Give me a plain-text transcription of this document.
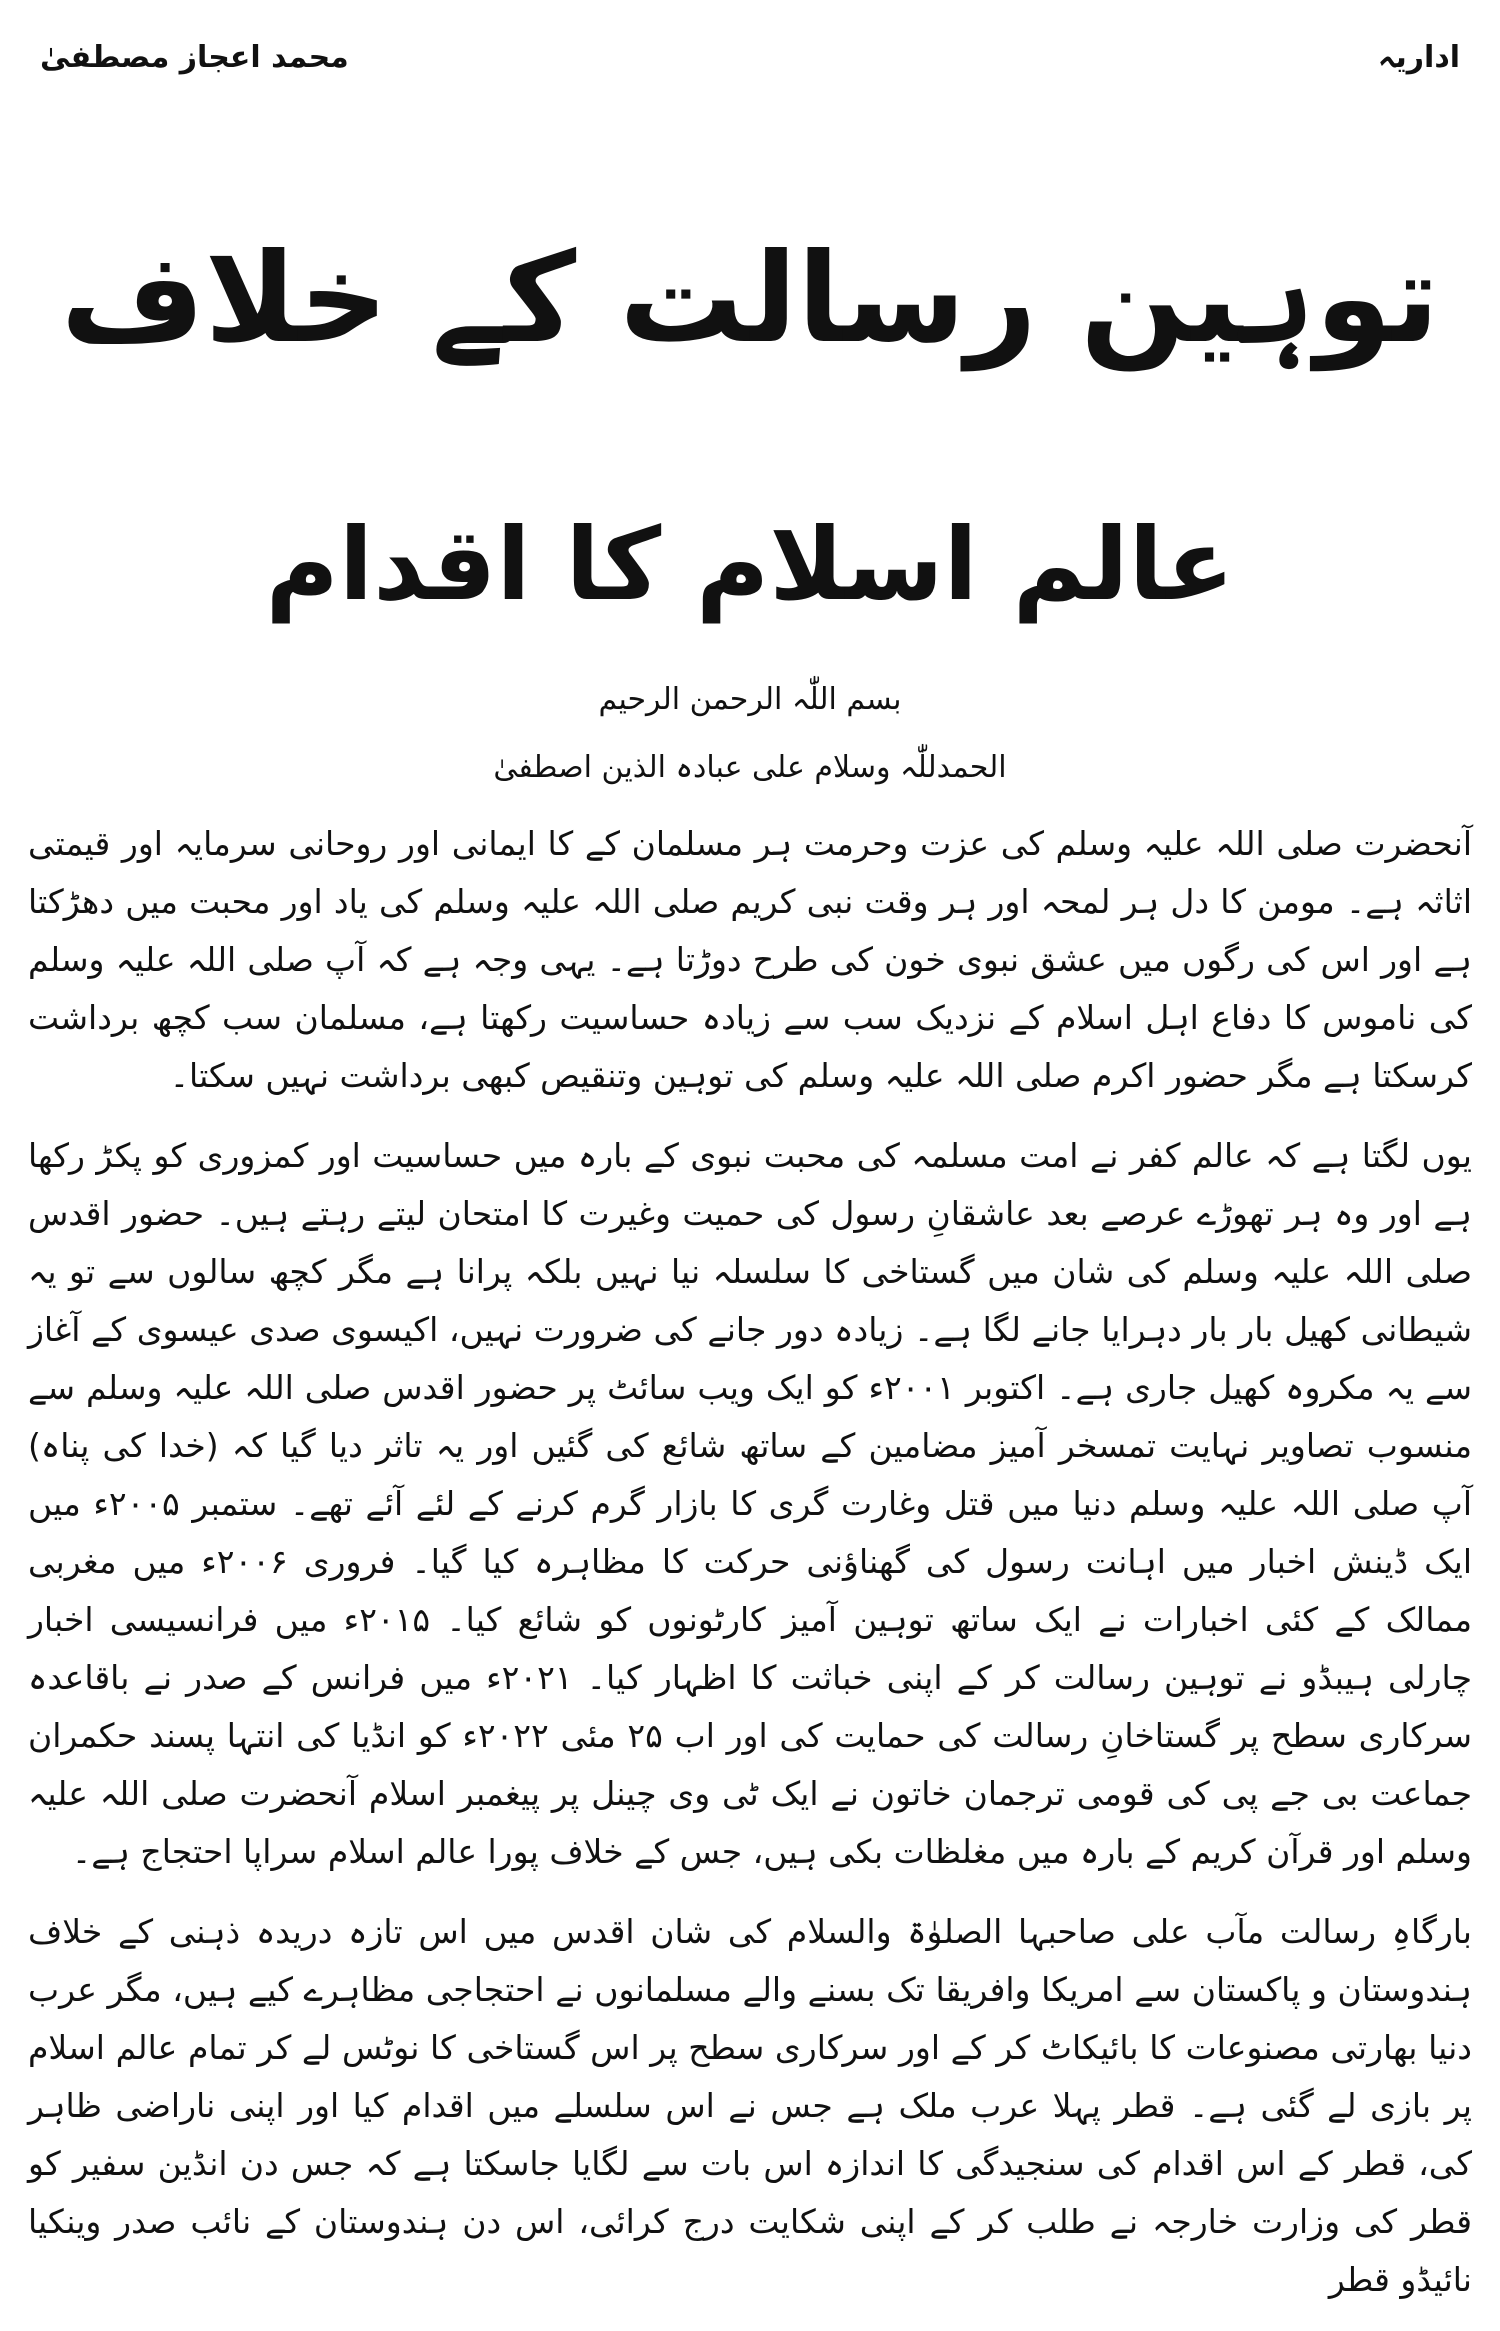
محمد اعجاز مصطفیٰ	اداریہ
توہین رسالت کے خلاف
عالم اسلام کا اقدام
بسم اللّٰہ الرحمن الرحیم
الحمدللّٰہ وسلام علی عبادہ الذین اصطفیٰ

آنحضرت صلی اللہ علیہ وسلم کی عزت وحرمت ہر مسلمان کے کا ایمانی اور روحانی سرمایہ اور قیمتی اثاثہ ہے۔ مومن کا دل ہر لمحہ اور ہر وقت نبی کریم صلی اللہ علیہ وسلم کی یاد اور محبت میں دھڑکتا ہے اور اس کی رگوں میں عشق نبوی خون کی طرح دوڑتا ہے۔ یہی وجہ ہے کہ آپ صلی اللہ علیہ وسلم کی ناموس کا دفاع اہل اسلام کے نزدیک سب سے زیادہ حساسیت رکھتا ہے، مسلمان سب کچھ برداشت کرسکتا ہے مگر حضور اکرم صلی اللہ علیہ وسلم کی توہین وتنقیص کبھی برداشت نہیں سکتا۔

یوں لگتا ہے کہ عالم کفر نے امت مسلمہ کی محبت نبوی کے بارہ میں حساسیت اور کمزوری کو پکڑ رکھا ہے اور وہ ہر تھوڑے عرصے بعد عاشقانِ رسول کی حمیت وغیرت کا امتحان لیتے رہتے ہیں۔ حضور اقدس صلی اللہ علیہ وسلم کی شان میں گستاخی کا سلسلہ نیا نہیں بلکہ پرانا ہے مگر کچھ سالوں سے تو یہ شیطانی کھیل بار بار دہرایا جانے لگا ہے۔ زیادہ دور جانے کی ضرورت نہیں، اکیسوی صدی عیسوی کے آغاز سے یہ مکروہ کھیل جاری ہے۔ اکتوبر ۲۰۰۱ء کو ایک ویب سائٹ پر حضور اقدس صلی اللہ علیہ وسلم سے منسوب تصاویر نہایت تمسخر آمیز مضامین کے ساتھ شائع کی گئیں اور یہ تاثر دیا گیا کہ (خدا کی پناہ) آپ صلی اللہ علیہ وسلم دنیا میں قتل وغارت گری کا بازار گرم کرنے کے لئے آئے تھے۔ ستمبر ۲۰۰۵ء میں ایک ڈینش اخبار میں اہانت رسول کی گھناؤنی حرکت کا مظاہرہ کیا گیا۔ فروری ۲۰۰۶ء میں مغربی ممالک کے کئی اخبارات نے ایک ساتھ توہین آمیز کارٹونوں کو شائع کیا۔ ۲۰۱۵ء میں فرانسیسی اخبار چارلی ہیبڈو نے توہین رسالت کر کے اپنی خباثت کا اظہار کیا۔ ۲۰۲۱ء میں فرانس کے صدر نے باقاعدہ سرکاری سطح پر گستاخانِ رسالت کی حمایت کی اور اب ۲۵ مئی ۲۰۲۲ء کو انڈیا کی انتہا پسند حکمران جماعت بی جے پی کی قومی ترجمان خاتون نے ایک ٹی وی چینل پر پیغمبر اسلام آنحضرت صلی اللہ علیہ وسلم اور قرآن کریم کے بارہ میں مغلظات بکی ہیں، جس کے خلاف پورا عالم اسلام سراپا احتجاج ہے۔

بارگاہِ رسالت مآب علی صاحبہا الصلوٰۃ والسلام کی شان اقدس میں اس تازہ دریدہ ذہنی کے خلاف ہندوستان و پاکستان سے امریکا وافریقا تک بسنے والے مسلمانوں نے احتجاجی مظاہرے کیے ہیں، مگر عرب دنیا بھارتی مصنوعات کا بائیکاٹ کر کے اور سرکاری سطح پر اس گستاخی کا نوٹس لے کر تمام عالم اسلام پر بازی لے گئی ہے۔ قطر پہلا عرب ملک ہے جس نے اس سلسلے میں اقدام کیا اور اپنی ناراضی ظاہر کی، قطر کے اس اقدام کی سنجیدگی کا اندازہ اس بات سے لگایا جاسکتا ہے کہ جس دن انڈین سفیر کو قطر کی وزارت خارجہ نے طلب کر کے اپنی شکایت درج کرائی، اس دن ہندوستان کے نائب صدر وینکیا نائیڈو قطر
